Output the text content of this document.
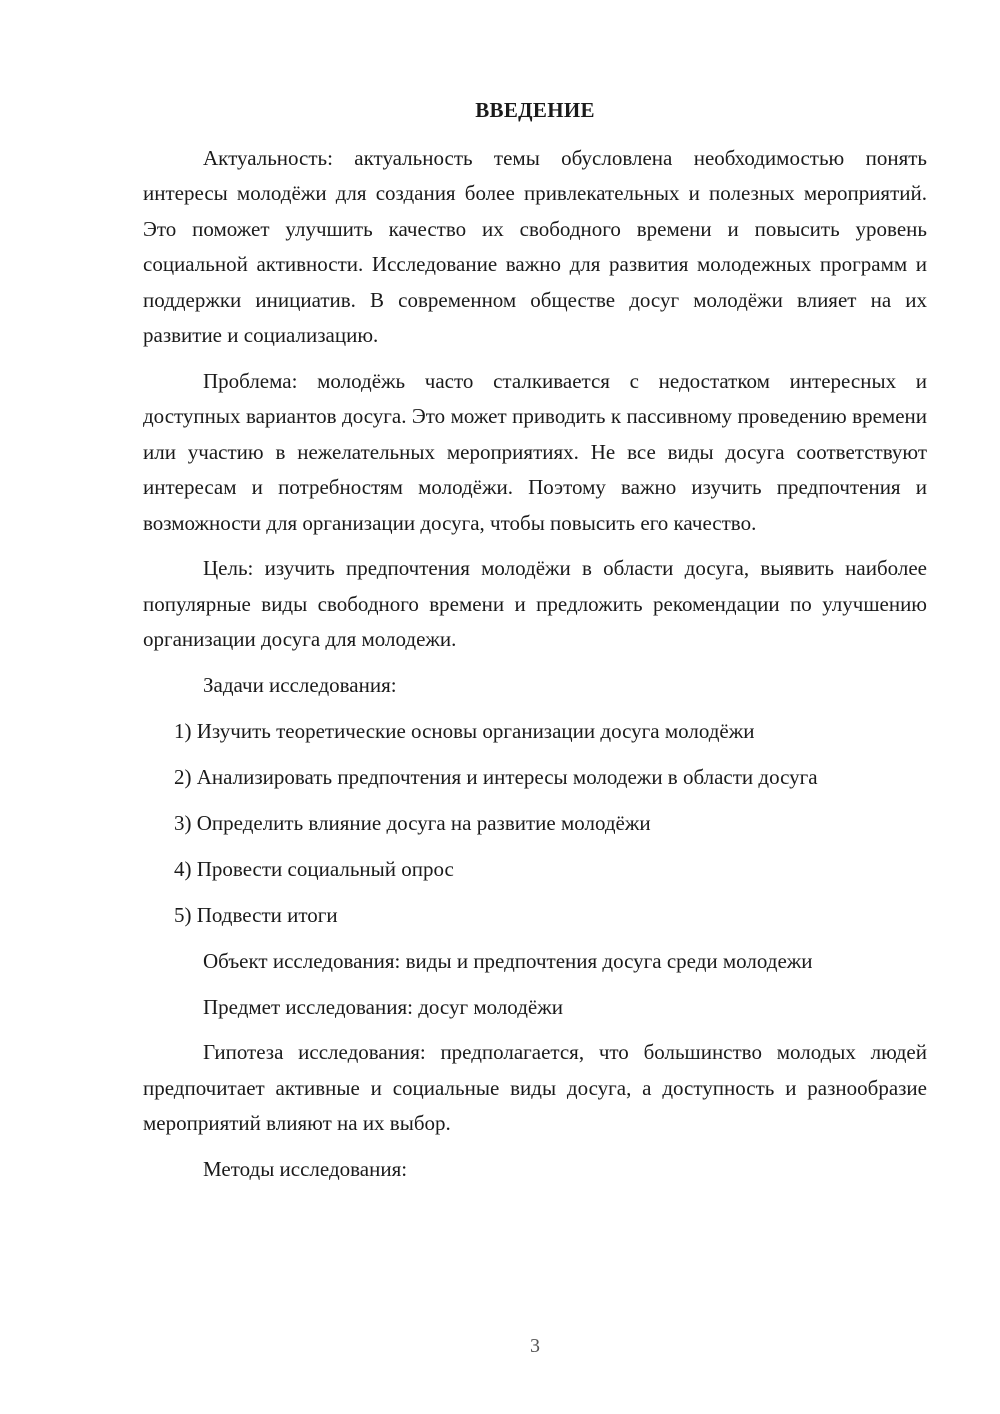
ВВЕДЕНИЕ

Актуальность: актуальность темы обусловлена необходимостью понять интересы молодёжи для создания более привлекательных и полезных мероприятий. Это поможет улучшить качество их свободного времени и повысить уровень социальной активности. Исследование важно для развития молодежных программ и поддержки инициатив. В современном обществе досуг молодёжи влияет на их развитие и социализацию.

Проблема: молодёжь часто сталкивается с недостатком интересных и доступных вариантов досуга. Это может приводить к пассивному проведению времени или участию в нежелательных мероприятиях. Не все виды досуга соответствуют интересам и потребностям молодёжи. Поэтому важно изучить предпочтения и возможности для организации досуга, чтобы повысить его качество.

Цель: изучить предпочтения молодёжи в области досуга, выявить наиболее популярные виды свободного времени и предложить рекомендации по улучшению организации досуга для молодежи.

Задачи исследования:

1) Изучить теоретические основы организации досуга молодёжи

2) Анализировать предпочтения и интересы молодежи в области досуга

3) Определить влияние досуга на развитие молодёжи

4) Провести социальный опрос

5) Подвести итоги

Объект исследования: виды и предпочтения досуга среди молодежи

Предмет исследования: досуг молодёжи

Гипотеза исследования: предполагается, что большинство молодых людей предпочитает активные и социальные виды досуга, а доступность и разнообразие мероприятий влияют на их выбор.

Методы исследования:

3
